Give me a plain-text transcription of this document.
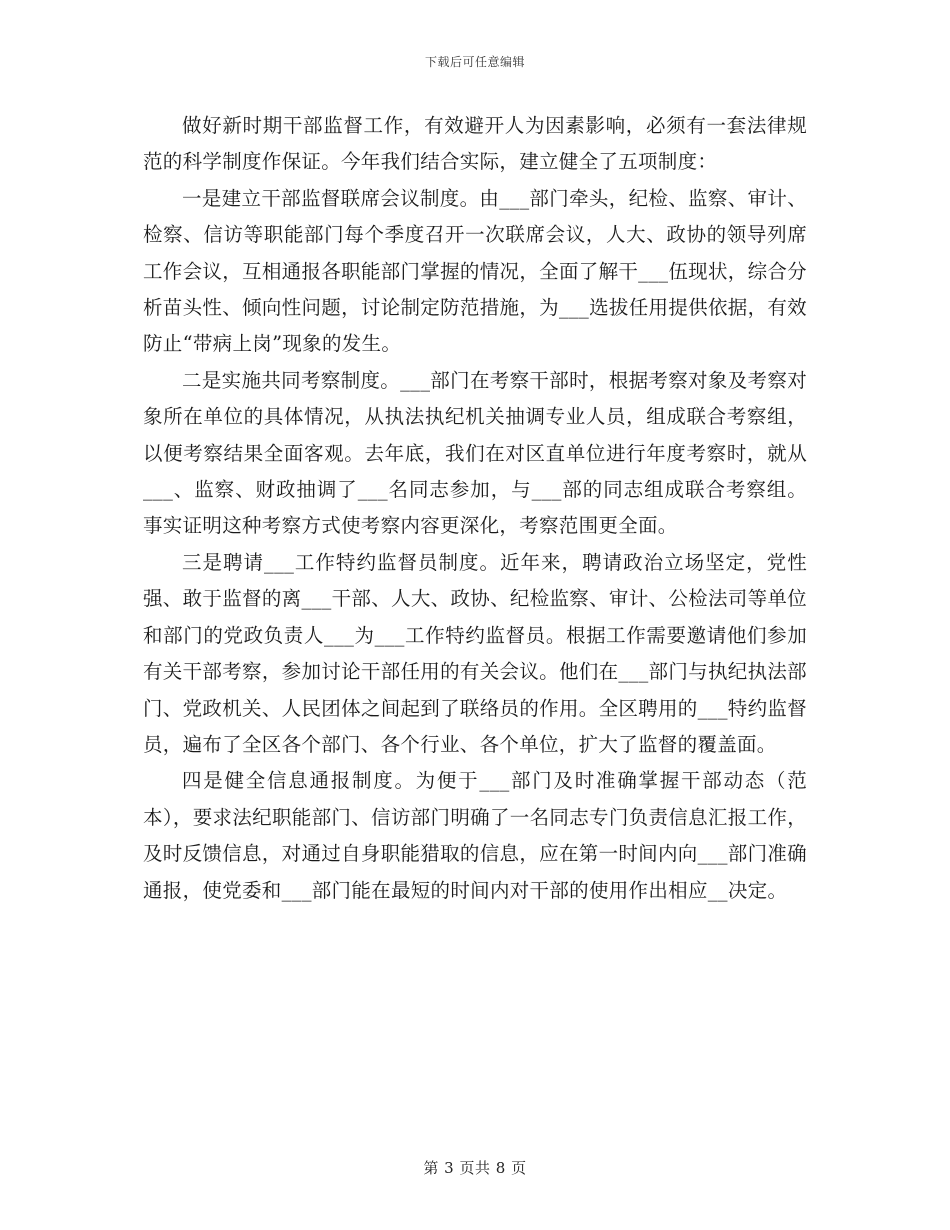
下载后可任意编辑

做好新时期干部监督工作，有效避开人为因素影响，必须有一套法律规范的科学制度作保证。今年我们结合实际，建立健全了五项制度：

一是建立干部监督联席会议制度。由___部门牵头，纪检、监察、审计、检察、信访等职能部门每个季度召开一次联席会议，人大、政协的领导列席工作会议，互相通报各职能部门掌握的情况，全面了解干___伍现状，综合分析苗头性、倾向性问题，讨论制定防范措施，为___选拔任用提供依据，有效防止“带病上岗”现象的发生。

二是实施共同考察制度。___部门在考察干部时，根据考察对象及考察对象所在单位的具体情况，从执法执纪机关抽调专业人员，组成联合考察组，以便考察结果全面客观。去年底，我们在对区直单位进行年度考察时，就从___、监察、财政抽调了___名同志参加，与___部的同志组成联合考察组。事实证明这种考察方式使考察内容更深化，考察范围更全面。

三是聘请___工作特约监督员制度。近年来，聘请政治立场坚定，党性强、敢于监督的离___干部、人大、政协、纪检监察、审计、公检法司等单位和部门的党政负责人___为___工作特约监督员。根据工作需要邀请他们参加有关干部考察，参加讨论干部任用的有关会议。他们在___部门与执纪执法部门、党政机关、人民团体之间起到了联络员的作用。全区聘用的___特约监督员，遍布了全区各个部门、各个行业、各个单位，扩大了监督的覆盖面。

四是健全信息通报制度。为便于___部门及时准确掌握干部动态（范本），要求法纪职能部门、信访部门明确了一名同志专门负责信息汇报工作，及时反馈信息，对通过自身职能猎取的信息，应在第一时间内向___部门准确通报，使党委和___部门能在最短的时间内对干部的使用作出相应__决定。

第 3 页共 8 页
